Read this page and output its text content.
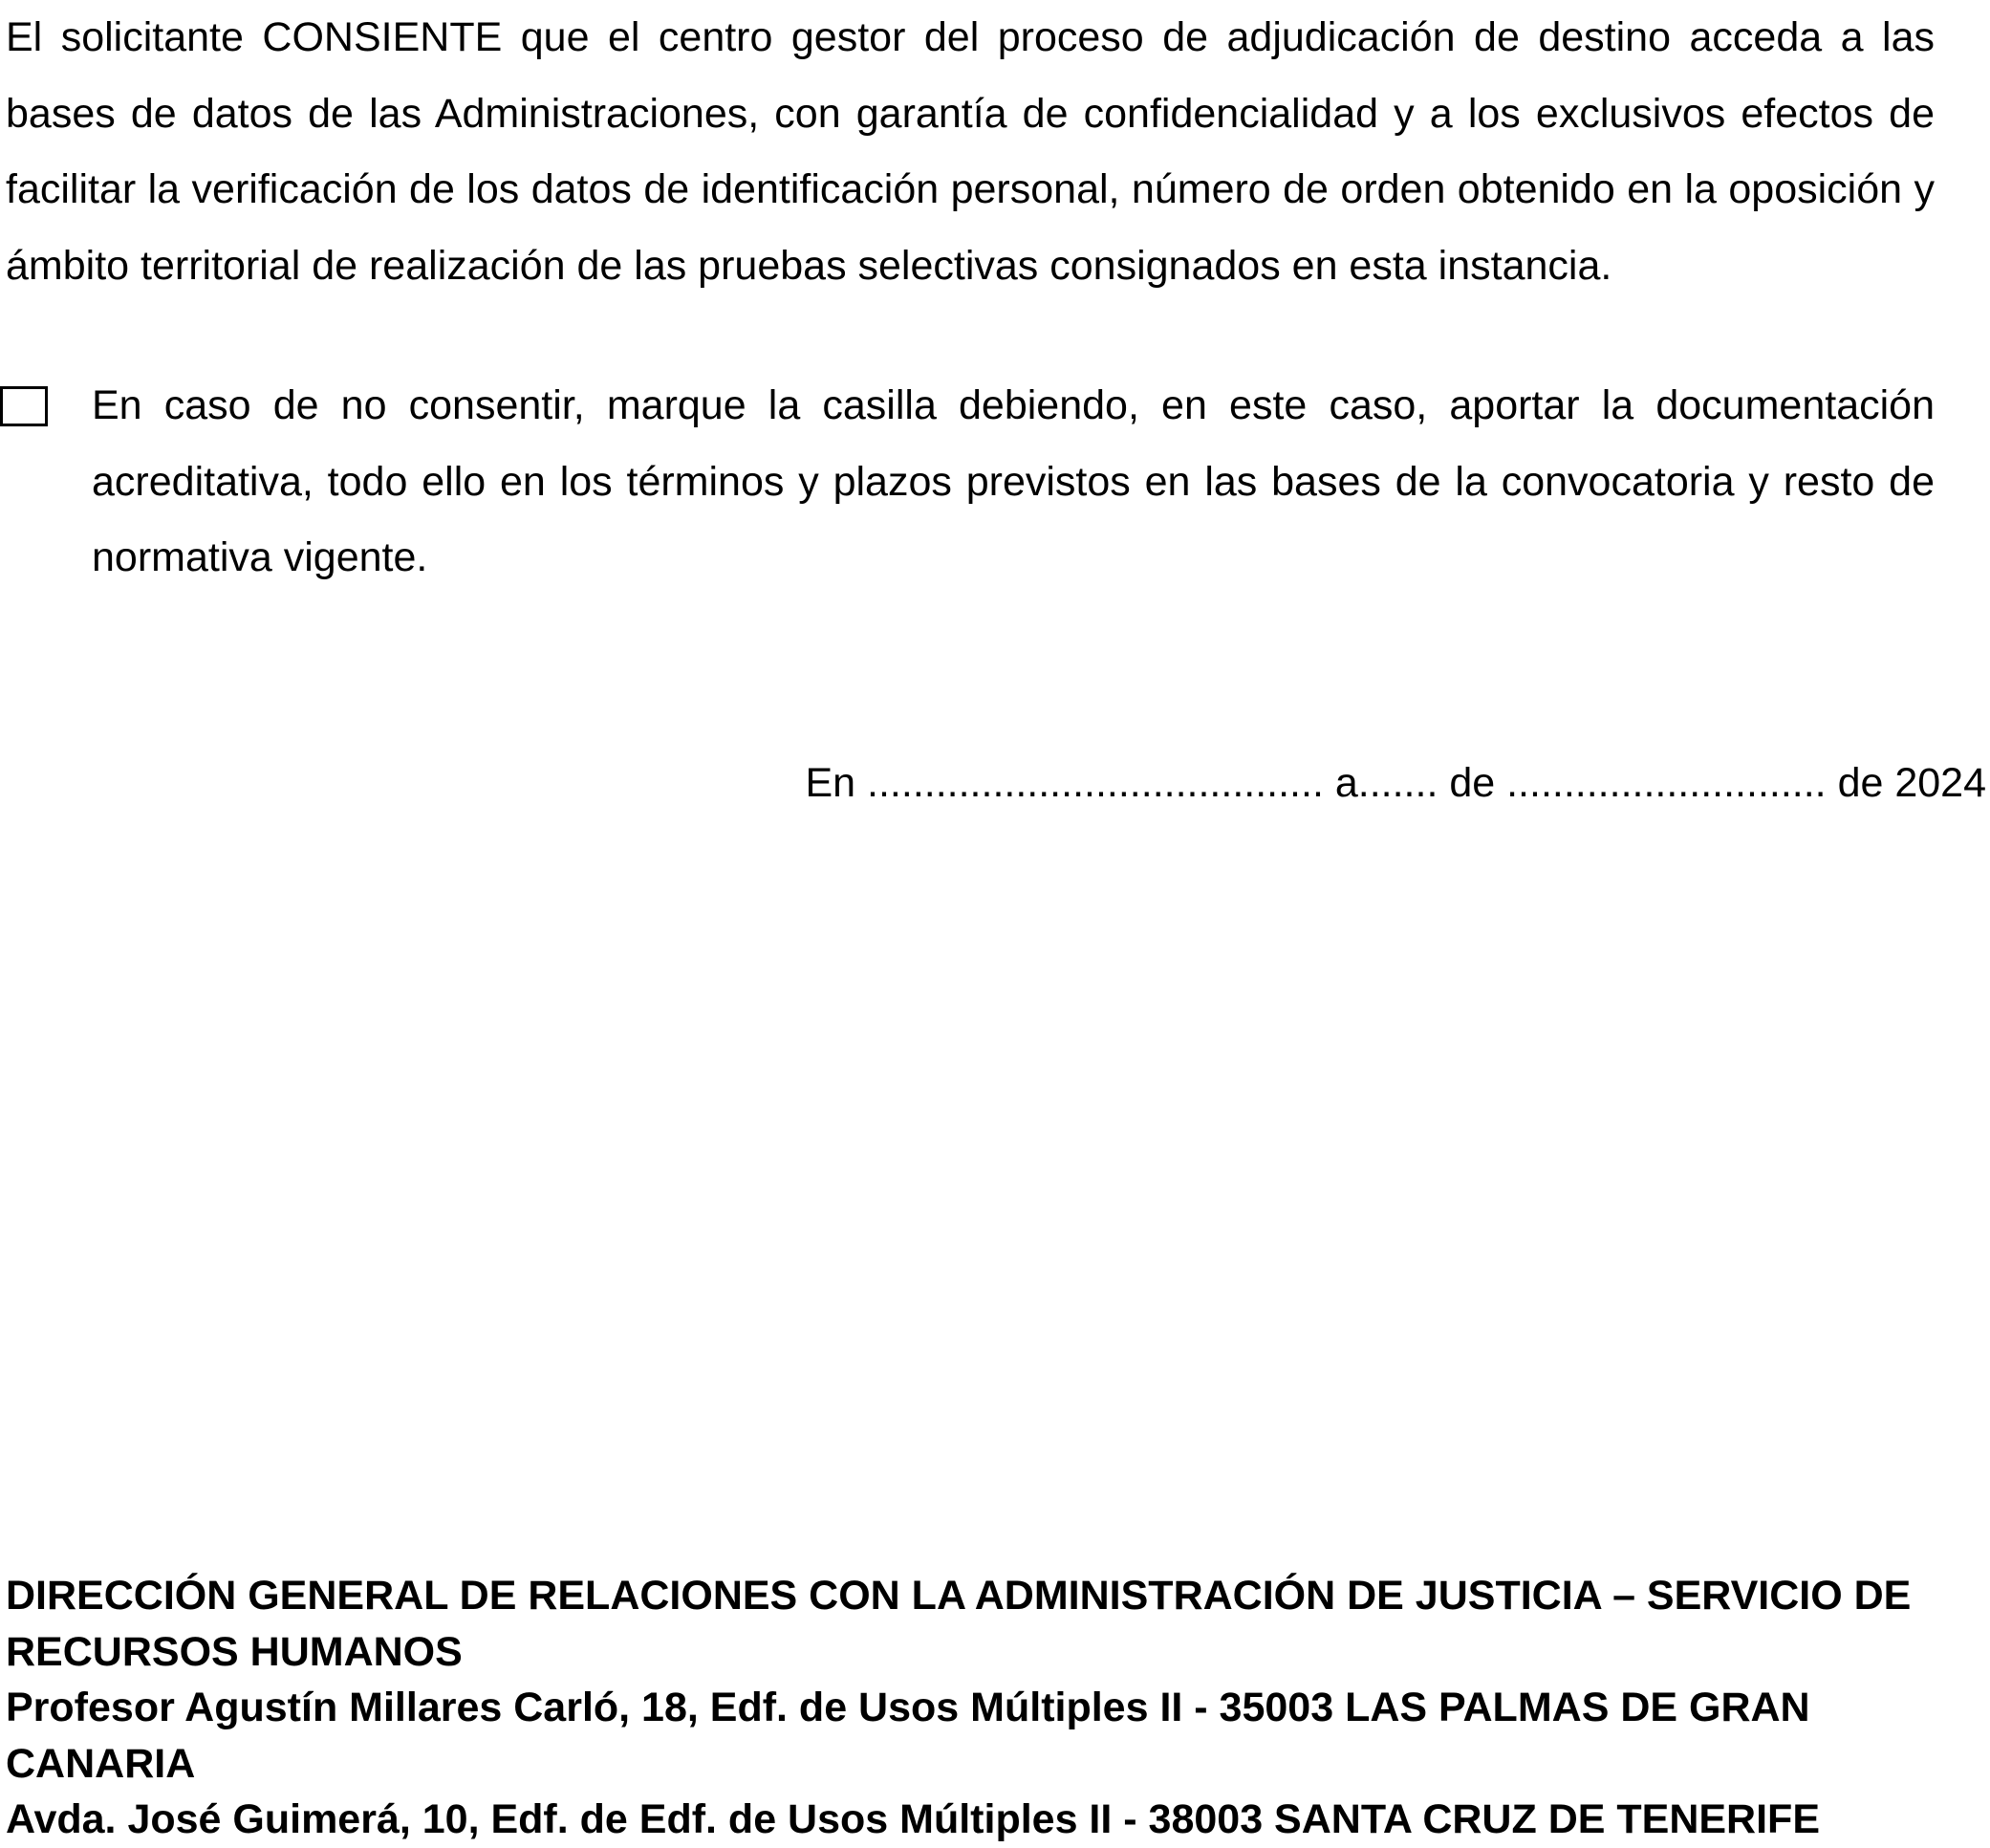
El solicitante CONSIENTE que el centro gestor del proceso de adjudicación de destino acceda a las bases de datos de las Administraciones, con garantía de confidencialidad y a los exclusivos efectos de facilitar la verificación de los datos de identificación personal, número de orden obtenido en la oposición y ámbito territorial de realización de las pruebas selectivas consignados en esta instancia.

En caso de no consentir, marque la casilla debiendo, en este caso, aportar la documentación acreditativa, todo ello en los términos y plazos previstos en las bases de la convocatoria y resto de normativa vigente.

En ........................................ a....... de ............................ de 2024

DIRECCIÓN GENERAL DE RELACIONES CON LA ADMINISTRACIÓN DE JUSTICIA – SERVICIO DE RECURSOS HUMANOS
Profesor Agustín Millares Carló, 18, Edf. de Usos Múltiples II - 35003 LAS PALMAS DE GRAN CANARIA
Avda. José Guimerá, 10, Edf. de Edf. de Usos Múltiples II - 38003 SANTA CRUZ DE TENERIFE
